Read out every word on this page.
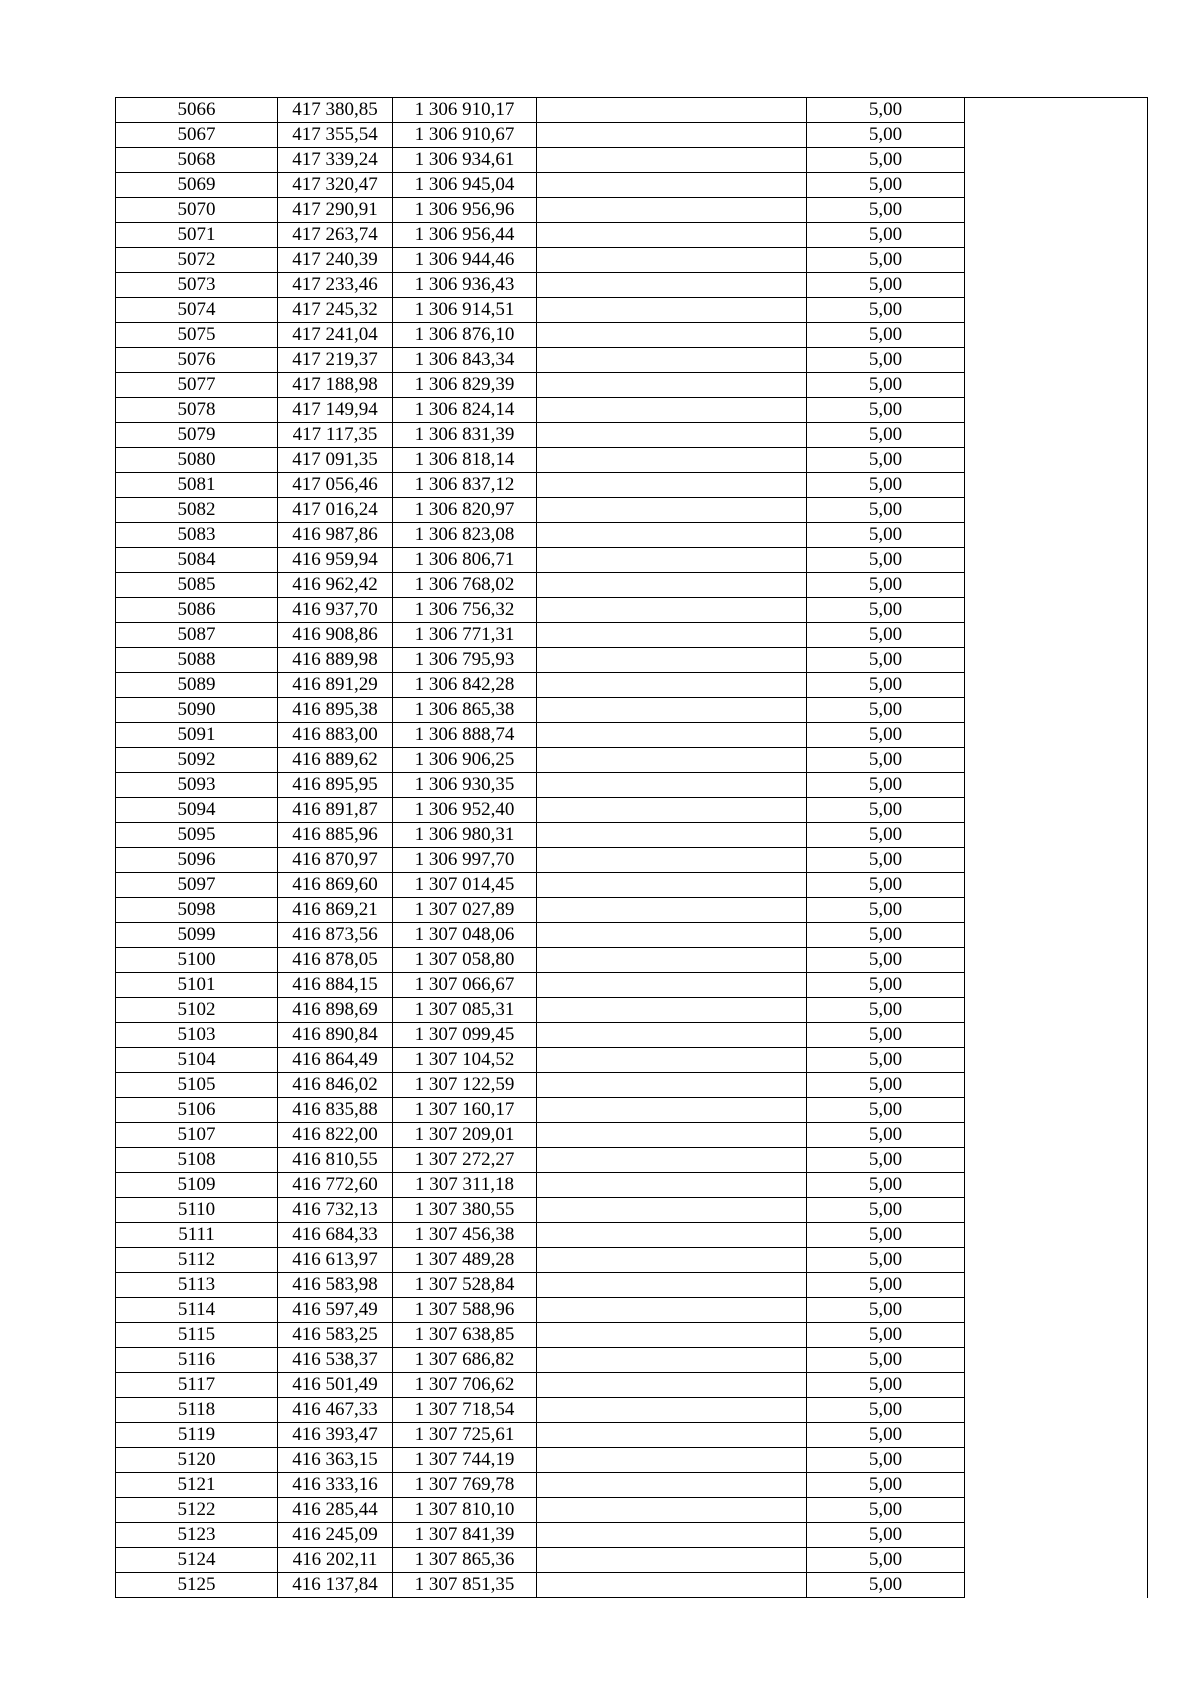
5066	417 380,85	1 306 910,17		5,00	
5067	417 355,54	1 306 910,67		5,00	
5068	417 339,24	1 306 934,61		5,00	
5069	417 320,47	1 306 945,04		5,00	
5070	417 290,91	1 306 956,96		5,00	
5071	417 263,74	1 306 956,44		5,00	
5072	417 240,39	1 306 944,46		5,00	
5073	417 233,46	1 306 936,43		5,00	
5074	417 245,32	1 306 914,51		5,00	
5075	417 241,04	1 306 876,10		5,00	
5076	417 219,37	1 306 843,34		5,00	
5077	417 188,98	1 306 829,39		5,00	
5078	417 149,94	1 306 824,14		5,00	
5079	417 117,35	1 306 831,39		5,00	
5080	417 091,35	1 306 818,14		5,00	
5081	417 056,46	1 306 837,12		5,00	
5082	417 016,24	1 306 820,97		5,00	
5083	416 987,86	1 306 823,08		5,00	
5084	416 959,94	1 306 806,71		5,00	
5085	416 962,42	1 306 768,02		5,00	
5086	416 937,70	1 306 756,32		5,00	
5087	416 908,86	1 306 771,31		5,00	
5088	416 889,98	1 306 795,93		5,00	
5089	416 891,29	1 306 842,28		5,00	
5090	416 895,38	1 306 865,38		5,00	
5091	416 883,00	1 306 888,74		5,00	
5092	416 889,62	1 306 906,25		5,00	
5093	416 895,95	1 306 930,35		5,00	
5094	416 891,87	1 306 952,40		5,00	
5095	416 885,96	1 306 980,31		5,00	
5096	416 870,97	1 306 997,70		5,00	
5097	416 869,60	1 307 014,45		5,00	
5098	416 869,21	1 307 027,89		5,00	
5099	416 873,56	1 307 048,06		5,00	
5100	416 878,05	1 307 058,80		5,00	
5101	416 884,15	1 307 066,67		5,00	
5102	416 898,69	1 307 085,31		5,00	
5103	416 890,84	1 307 099,45		5,00	
5104	416 864,49	1 307 104,52		5,00	
5105	416 846,02	1 307 122,59		5,00	
5106	416 835,88	1 307 160,17		5,00	
5107	416 822,00	1 307 209,01		5,00	
5108	416 810,55	1 307 272,27		5,00	
5109	416 772,60	1 307 311,18		5,00	
5110	416 732,13	1 307 380,55		5,00	
5111	416 684,33	1 307 456,38		5,00	
5112	416 613,97	1 307 489,28		5,00	
5113	416 583,98	1 307 528,84		5,00	
5114	416 597,49	1 307 588,96		5,00	
5115	416 583,25	1 307 638,85		5,00	
5116	416 538,37	1 307 686,82		5,00	
5117	416 501,49	1 307 706,62		5,00	
5118	416 467,33	1 307 718,54		5,00	
5119	416 393,47	1 307 725,61		5,00	
5120	416 363,15	1 307 744,19		5,00	
5121	416 333,16	1 307 769,78		5,00	
5122	416 285,44	1 307 810,10		5,00	
5123	416 245,09	1 307 841,39		5,00	
5124	416 202,11	1 307 865,36		5,00	
5125	416 137,84	1 307 851,35		5,00	
